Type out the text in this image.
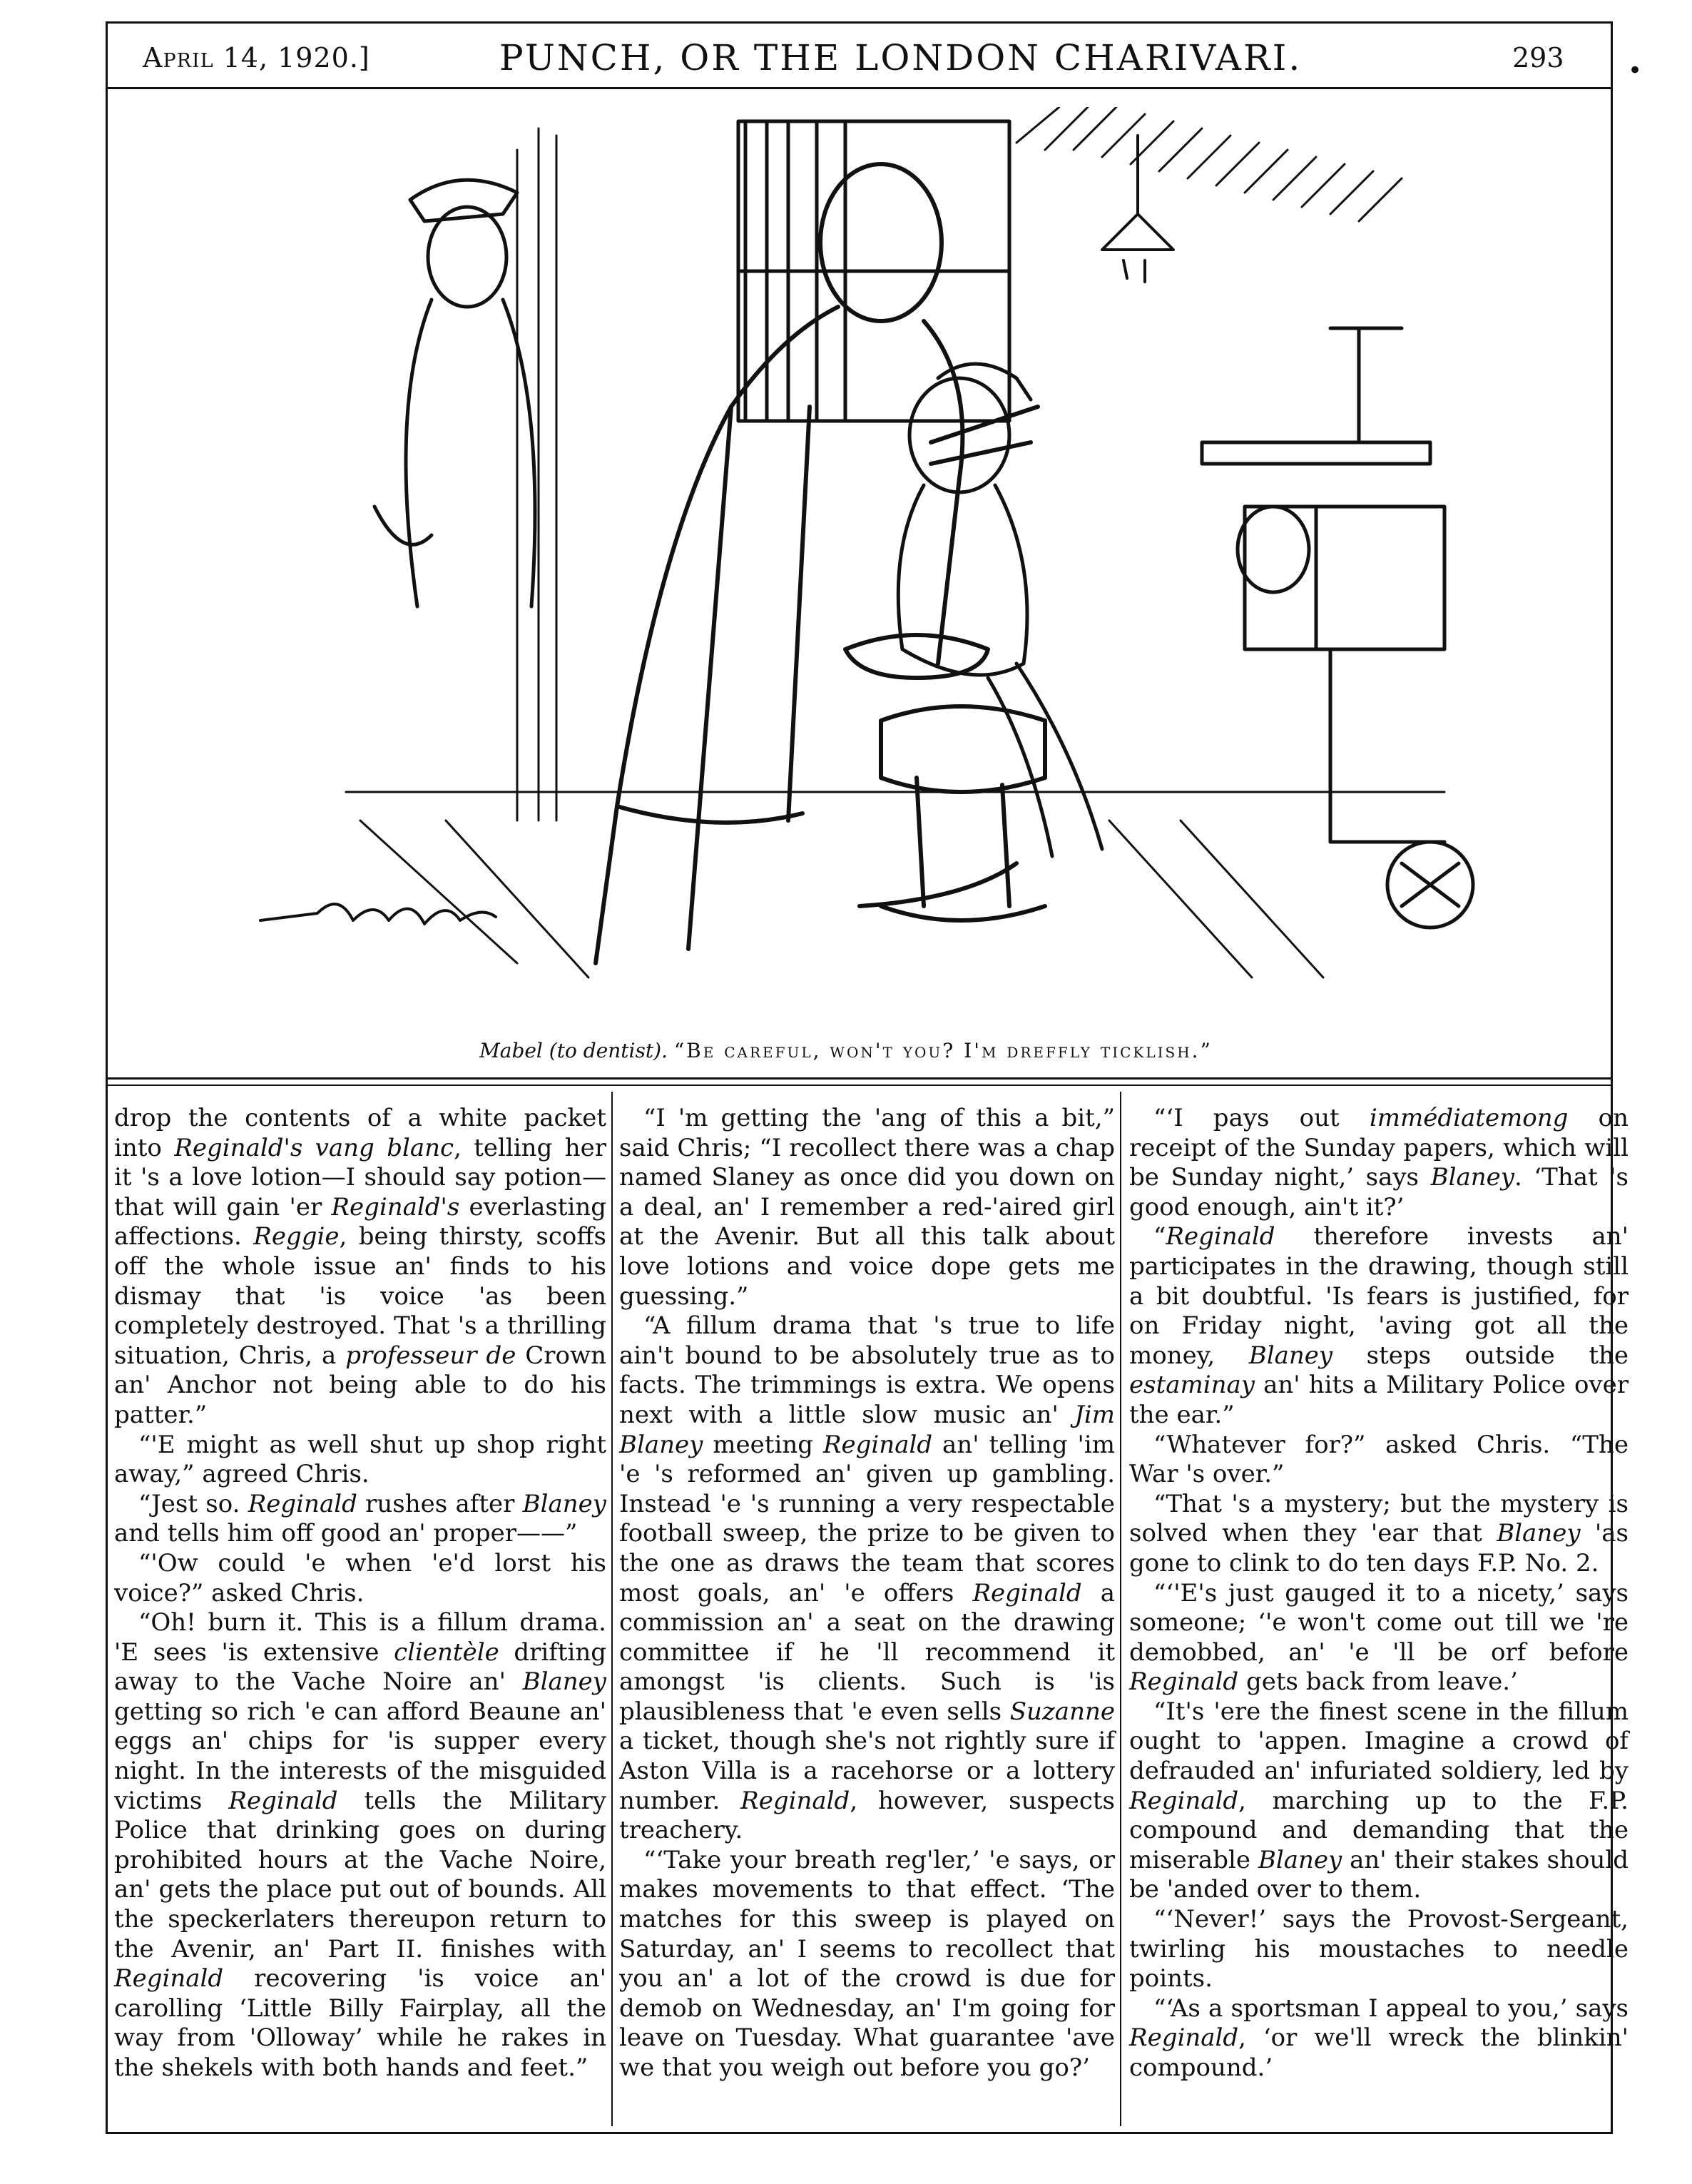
April 14, 1920.]	PUNCH, OR THE LONDON CHARIVARI.	293	•
Mabel (to dentist). “Be careful, won't you? I'm dreffly ticklish.”

drop the contents of a white packet into Reginald's vang blanc, telling her it 's a love lotion—I should say potion—that will gain 'er Reginald's everlasting affections. Reggie, being thirsty, scoffs off the whole issue an' finds to his dismay that 'is voice 'as been completely destroyed. That 's a thrilling situation, Chris, a professeur de Crown an' Anchor not being able to do his patter.”

“'E might as well shut up shop right away,” agreed Chris.

“Jest so. Reginald rushes after Blaney and tells him off good an' proper——”

“'Ow could 'e when 'e'd lorst his voice?” asked Chris.

“Oh! burn it. This is a fillum drama. 'E sees 'is extensive clientèle drifting away to the Vache Noire an' Blaney getting so rich 'e can afford Beaune an' eggs an' chips for 'is supper every night. In the interests of the misguided victims Reginald tells the Military Police that drinking goes on during prohibited hours at the Vache Noire, an' gets the place put out of bounds. All the speckerlaters thereupon return to the Avenir, an' Part II. finishes with Reginald recovering 'is voice an' carolling ‘Little Billy Fairplay, all the way from 'Olloway’ while he rakes in the shekels with both hands and feet.”

“I 'm getting the 'ang of this a bit,” said Chris; “I recollect there was a chap named Slaney as once did you down on a deal, an' I remember a red-'aired girl at the Avenir. But all this talk about love lotions and voice dope gets me guessing.”

“A fillum drama that 's true to life ain't bound to be absolutely true as to facts. The trimmings is extra. We opens next with a little slow music an' Jim Blaney meeting Reginald an' telling 'im 'e 's reformed an' given up gambling. Instead 'e 's running a very respectable football sweep, the prize to be given to the one as draws the team that scores most goals, an' 'e offers Reginald a commission an' a seat on the drawing committee if he 'll recommend it amongst 'is clients. Such is 'is plausibleness that 'e even sells Suzanne a ticket, though she's not rightly sure if Aston Villa is a racehorse or a lottery number. Reginald, however, suspects treachery.

“‘Take your breath reg'ler,’ 'e says, or makes movements to that effect. ‘The matches for this sweep is played on Saturday, an' I seems to recollect that you an' a lot of the crowd is due for demob on Wednesday, an' I'm going for leave on Tuesday. What guarantee 'ave we that you weigh out before you go?’

“‘I pays out immédiatemong on receipt of the Sunday papers, which will be Sunday night,’ says Blaney. ‘That 's good enough, ain't it?’

“Reginald therefore invests an' participates in the drawing, though still a bit doubtful. 'Is fears is justified, for on Friday night, 'aving got all the money, Blaney steps outside the estaminay an' hits a Military Police over the ear.”

“Whatever for?” asked Chris. “The War 's over.”

“That 's a mystery; but the mystery is solved when they 'ear that Blaney 'as gone to clink to do ten days F.P. No. 2.

“‘'E's just gauged it to a nicety,’ says someone; ‘'e won't come out till we 're demobbed, an' 'e 'll be orf before Reginald gets back from leave.’

“It's 'ere the finest scene in the fillum ought to 'appen. Imagine a crowd of defrauded an' infuriated soldiery, led by Reginald, marching up to the F.P. compound and demanding that the miserable Blaney an' their stakes should be 'anded over to them.

“‘Never!’ says the Provost-Sergeant, twirling his moustaches to needle points.

“‘As a sportsman I appeal to you,’ says Reginald, ‘or we'll wreck the blinkin' compound.’
